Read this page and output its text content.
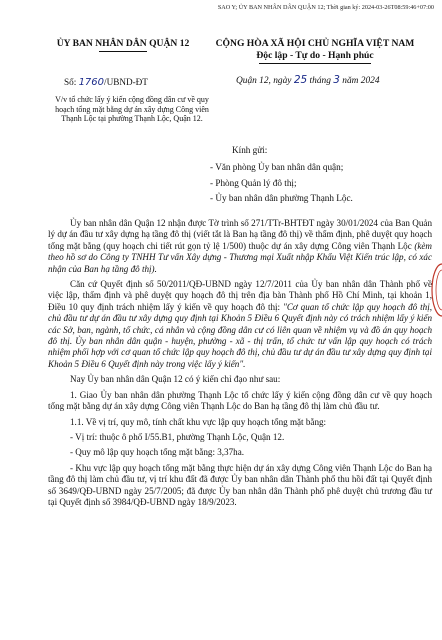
SAO Y; ỦY BAN NHÂN DÂN QUẬN 12; Thời gian ký: 2024-03-26T08:59:46+07:00
ỦY BAN NHÂN DÂN QUẬN 12	CỘNG HÒA XÃ HỘI CHỦ NGHĨA VIỆT NAM
Độc lập - Tự do - Hạnh phúc
Số: 1760/UBND-ĐT	Quận 12, ngày 25 tháng 3 năm 2024
V/v tổ chức lấy ý kiến cộng đồng dân cư về quy hoạch tổng mặt bằng dự án xây dựng Công viên Thạnh Lộc tại phường Thạnh Lộc, Quận 12.
Kính gửi:
- Văn phòng Ủy ban nhân dân quận;
- Phòng Quản lý đô thị;
- Ủy ban nhân dân phường Thạnh Lộc.

Ủy ban nhân dân Quận 12 nhận được Tờ trình số 271/TTr-BHTĐT ngày 30/01/2024 của Ban Quản lý dự án đầu tư xây dựng hạ tầng đô thị (viết tắt là Ban hạ tầng đô thị) về thẩm định, phê duyệt quy hoạch tổng mặt bằng (quy hoạch chi tiết rút gọn tỷ lệ 1/500) thuộc dự án xây dựng Công viên Thạnh Lộc (kèm theo hồ sơ do Công ty TNHH Tư vấn Xây dựng - Thương mại Xuất nhập Khẩu Việt Kiến trúc lập, có xác nhận của Ban hạ tầng đô thị).

Căn cứ Quyết định số 50/2011/QĐ-UBND ngày 12/7/2011 của Ủy ban nhân dân Thành phố về việc lập, thẩm định và phê duyệt quy hoạch đô thị trên địa bàn Thành phố Hồ Chí Minh, tại khoản 1, Điều 10 quy định trách nhiệm lấy ý kiến về quy hoạch đô thị: "Cơ quan tổ chức lập quy hoạch đô thị, chủ đầu tư dự án đầu tư xây dựng quy định tại Khoản 5 Điều 6 Quyết định này có trách nhiệm lấy ý kiến các Sở, ban, ngành, tổ chức, cá nhân và cộng đồng dân cư có liên quan về nhiệm vụ và đồ án quy hoạch đô thị. Ủy ban nhân dân quận - huyện, phường - xã - thị trấn, tổ chức tư vấn lập quy hoạch có trách nhiệm phối hợp với cơ quan tổ chức lập quy hoạch đô thị, chủ đầu tư dự án đầu tư xây dựng quy định tại Khoản 5 Điều 6 Quyết định này trong việc lấy ý kiến".

Nay Ủy ban nhân dân Quận 12 có ý kiến chỉ đạo như sau:

1. Giao Ủy ban nhân dân phường Thạnh Lộc tổ chức lấy ý kiến cộng đồng dân cư về quy hoạch tổng mặt bằng dự án xây dựng Công viên Thạnh Lộc do Ban hạ tầng đô thị làm chủ đầu tư.

1.1. Về vị trí, quy mô, tính chất khu vực lập quy hoạch tổng mặt bằng:

- Vị trí: thuộc ô phố I/55.B1, phường Thạnh Lộc, Quận 12.

- Quy mô lập quy hoạch tổng mặt bằng: 3,37ha.

- Khu vực lập quy hoạch tổng mặt bằng thực hiện dự án xây dựng Công viên Thạnh Lộc do Ban hạ tầng đô thị làm chủ đầu tư, vị trí khu đất đã được Ủy ban nhân dân Thành phố thu hồi đất tại Quyết định số 3649/QĐ-UBND ngày 25/7/2005; đã được Ủy ban nhân dân Thành phố phê duyệt chủ trương đầu tư tại Quyết định số 3984/QĐ-UBND ngày 18/9/2023.
